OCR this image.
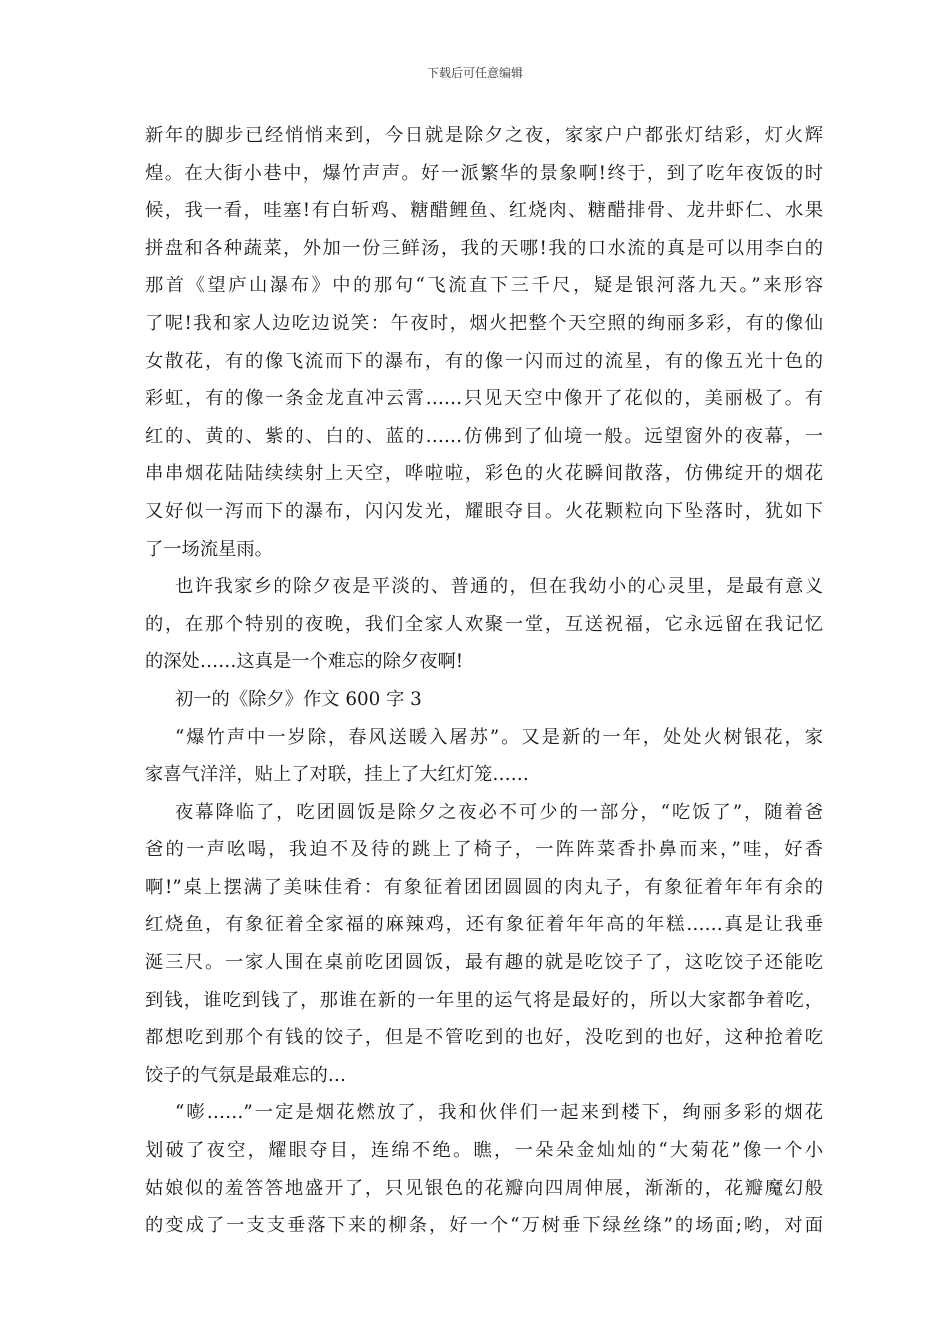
下载后可任意编辑
新年的脚步已经悄悄来到，今日就是除夕之夜，家家户户都张灯结彩，灯火辉
煌。在大街小巷中，爆竹声声。好一派繁华的景象啊!终于，到了吃年夜饭的时
候，我一看，哇塞!有白斩鸡、糖醋鲤鱼、红烧肉、糖醋排骨、龙井虾仁、水果
拼盘和各种蔬菜，外加一份三鲜汤，我的天哪!我的口水流的真是可以用李白的
那首《望庐山瀑布》中的那句“飞流直下三千尺，疑是银河落九天。”来形容
了呢!我和家人边吃边说笑：午夜时，烟火把整个天空照的绚丽多彩，有的像仙
女散花，有的像飞流而下的瀑布，有的像一闪而过的流星，有的像五光十色的
彩虹，有的像一条金龙直冲云霄……只见天空中像开了花似的，美丽极了。有
红的、黄的、紫的、白的、蓝的……仿佛到了仙境一般。远望窗外的夜幕，一
串串烟花陆陆续续射上天空，哗啦啦，彩色的火花瞬间散落，仿佛绽开的烟花
又好似一泻而下的瀑布，闪闪发光，耀眼夺目。火花颗粒向下坠落时，犹如下
了一场流星雨。
也许我家乡的除夕夜是平淡的、普通的，但在我幼小的心灵里，是最有意义
的，在那个特别的夜晚，我们全家人欢聚一堂，互送祝福，它永远留在我记忆
的深处……这真是一个难忘的除夕夜啊!
初一的《除夕》作文 600 字 3
“爆竹声中一岁除，春风送暖入屠苏”。又是新的一年，处处火树银花，家
家喜气洋洋，贴上了对联，挂上了大红灯笼……
夜幕降临了，吃团圆饭是除夕之夜必不可少的一部分，“吃饭了”，随着爸
爸的一声吆喝，我迫不及待的跳上了椅子，一阵阵菜香扑鼻而来，”哇，好香
啊!”桌上摆满了美味佳肴：有象征着团团圆圆的肉丸子，有象征着年年有余的
红烧鱼，有象征着全家福的麻辣鸡，还有象征着年年高的年糕……真是让我垂
涎三尺。一家人围在桌前吃团圆饭，最有趣的就是吃饺子了，这吃饺子还能吃
到钱，谁吃到钱了，那谁在新的一年里的运气将是最好的，所以大家都争着吃，
都想吃到那个有钱的饺子，但是不管吃到的也好，没吃到的也好，这种抢着吃
饺子的气氛是最难忘的…
“嘭……”一定是烟花燃放了，我和伙伴们一起来到楼下，绚丽多彩的烟花
划破了夜空，耀眼夺目，连绵不绝。瞧，一朵朵金灿灿的“大菊花”像一个小
姑娘似的羞答答地盛开了，只见银色的花瓣向四周伸展，渐渐的，花瓣魔幻般
的变成了一支支垂落下来的柳条，好一个“万树垂下绿丝绦”的场面;哟，对面
